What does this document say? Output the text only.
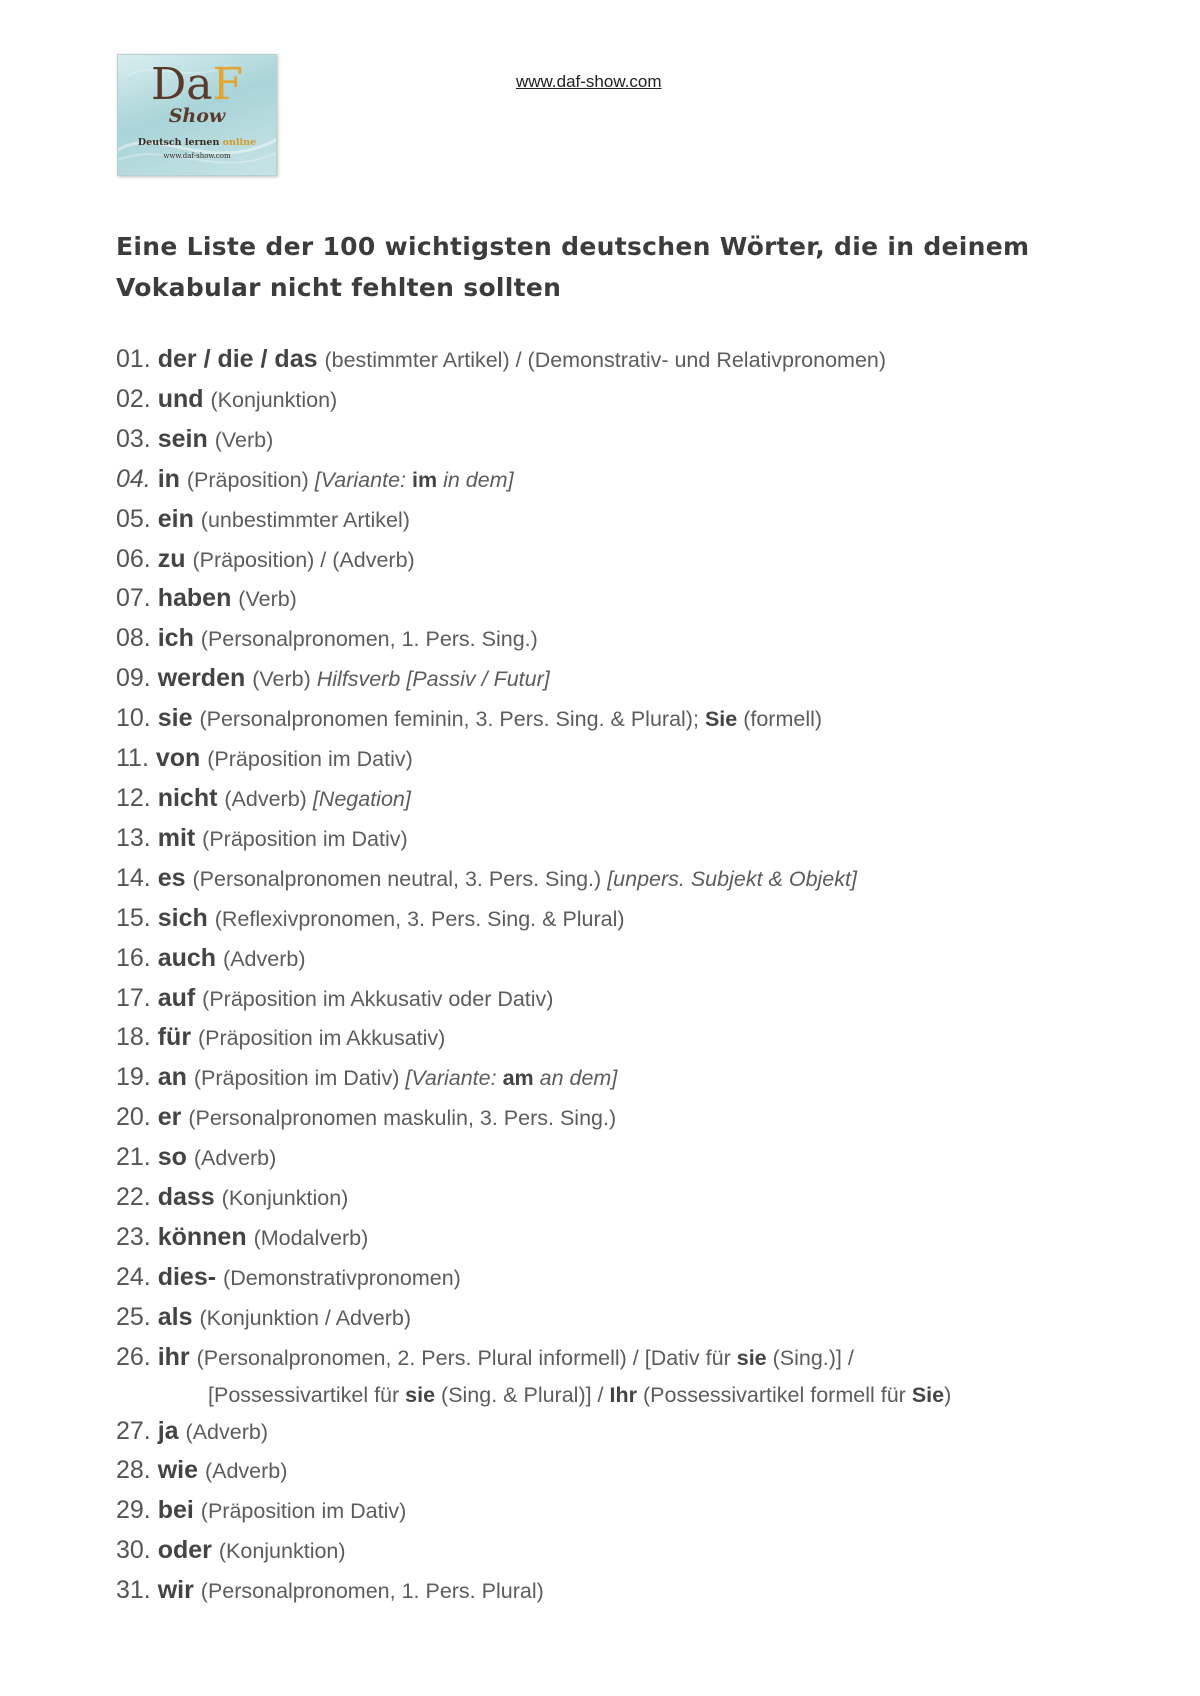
DaF
Show
Deutsch lernen online
www.daf-show.com
www.daf-show.com
Eine Liste der 100 wichtigsten deutschen Wörter, die in deinem Vokabular nicht fehlten sollten
01. der / die / das (bestimmter Artikel) / (Demonstrativ- und Relativpronomen)
02. und (Konjunktion)
03. sein (Verb)
04. in (Präposition) [Variante: im in dem]
05. ein (unbestimmter Artikel)
06. zu (Präposition) / (Adverb)
07. haben (Verb)
08. ich (Personalpronomen, 1. Pers. Sing.)
09. werden (Verb) Hilfsverb [Passiv / Futur]
10. sie (Personalpronomen feminin, 3. Pers. Sing. & Plural); Sie (formell)
11. von (Präposition im Dativ)
12. nicht (Adverb) [Negation]
13. mit (Präposition im Dativ)
14. es (Personalpronomen neutral, 3. Pers. Sing.) [unpers. Subjekt & Objekt]
15. sich (Reflexivpronomen, 3. Pers. Sing. & Plural)
16. auch (Adverb)
17. auf (Präposition im Akkusativ oder Dativ)
18. für (Präposition im Akkusativ)
19. an (Präposition im Dativ) [Variante: am an dem]
20. er (Personalpronomen maskulin, 3. Pers. Sing.)
21. so (Adverb)
22. dass (Konjunktion)
23. können (Modalverb)
24. dies- (Demonstrativpronomen)
25. als (Konjunktion / Adverb)
26. ihr (Personalpronomen, 2. Pers. Plural informell) / [Dativ für sie (Sing.)] /
[Possessivartikel für sie (Sing. & Plural)] / Ihr (Possessivartikel formell für Sie)
27. ja (Adverb)
28. wie (Adverb)
29. bei (Präposition im Dativ)
30. oder (Konjunktion)
31. wir (Personalpronomen, 1. Pers. Plural)
